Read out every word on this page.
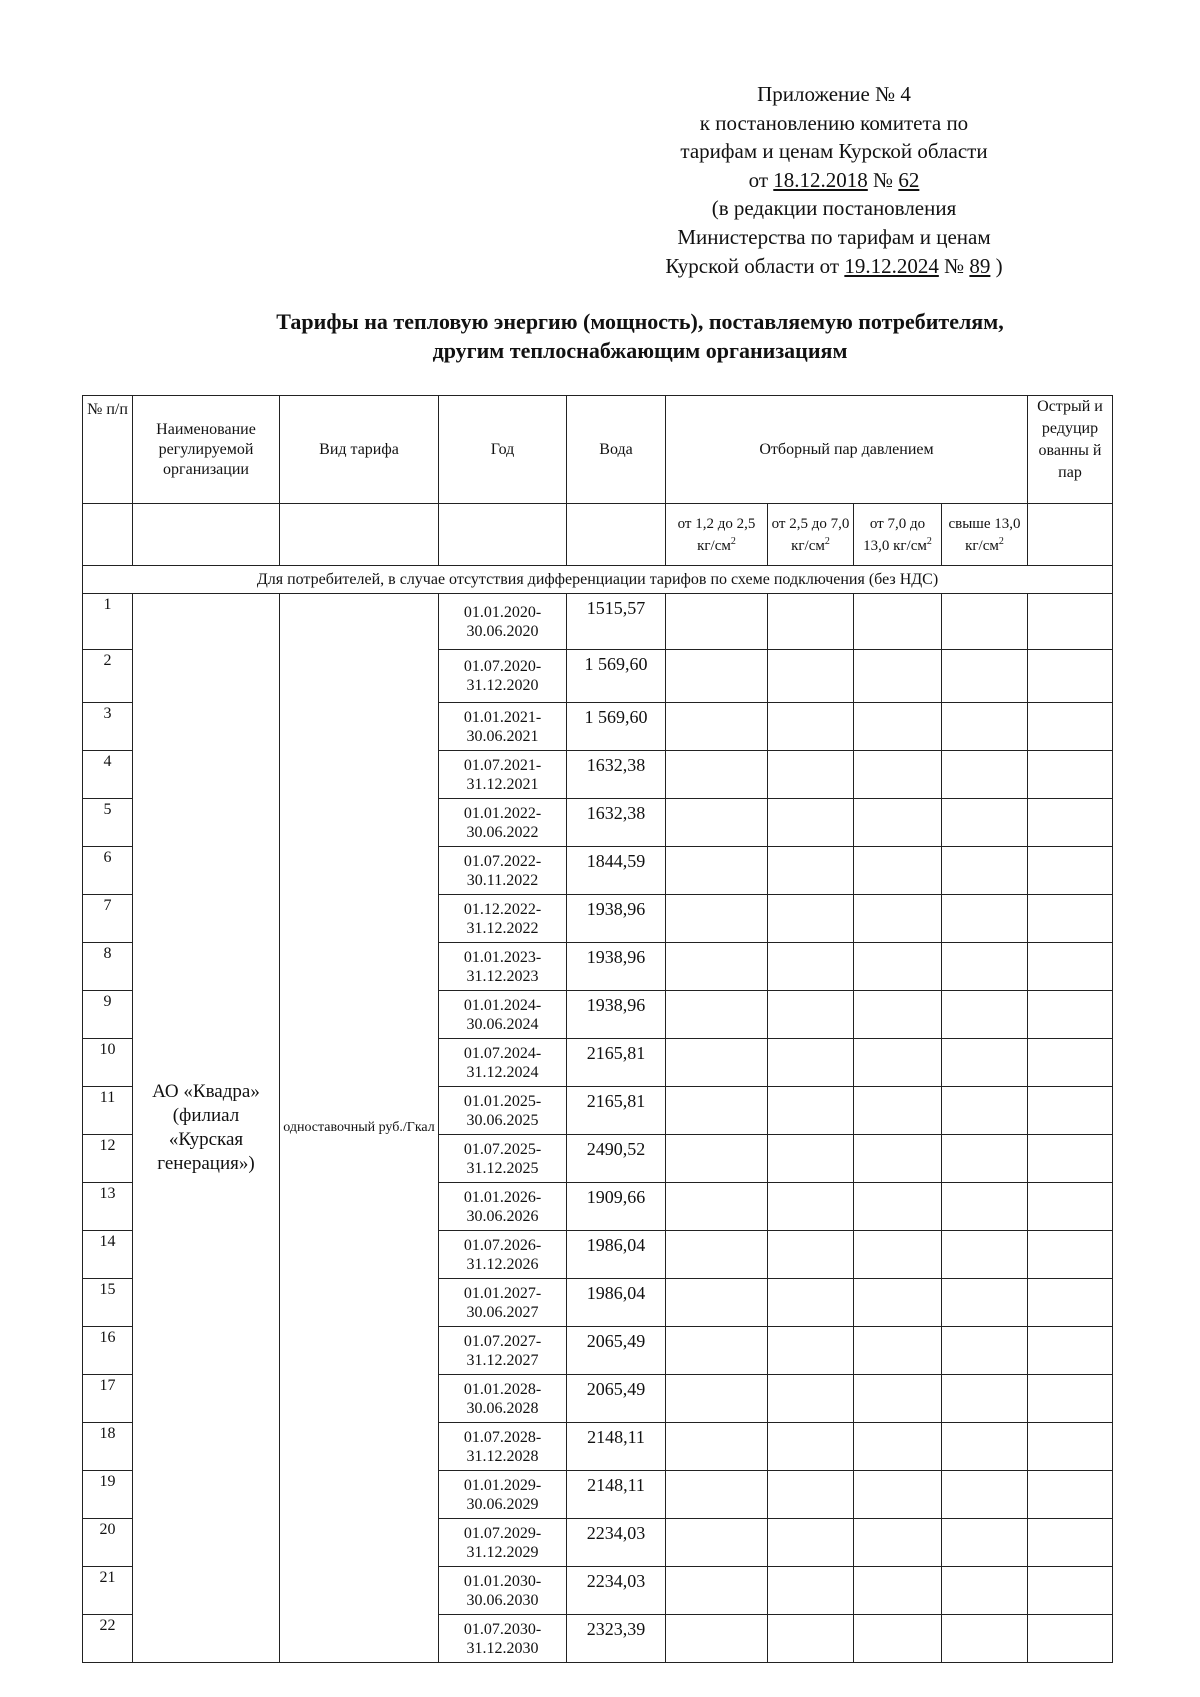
Приложение № 4
к постановлению комитета по
тарифам и ценам Курской области
от 18.12.2018 № 62
(в редакции постановления
Министерства по тарифам и ценам
Курской области от 19.12.2024 № 89 )
Тарифы на тепловую энергию (мощность), поставляемую потребителям,
другим теплоснабжающим организациям
№ п/п	Наименование регулируемой организации	Вид тарифа	Год	Вода	Отборный пар давлением				Острый и редуцир ованны й пар
					от 1,2 до 2,5 $кг/см^2$	от 2,5 до 7,0 $кг/см^2$	от 7,0 до 13,0 $кг/см^2$	свыше 13,0 $кг/см^2$	
Для потребителей, в случае отсутствия дифференциации тарифов по схеме подключения (без НДС)									
1	АО «Квадра» (филиал «Курская генерация»)	одноставочный руб./Гкал	01.01.2020-30.06.2020	1515,57					
2			01.07.2020-31.12.2020	1 569,60					
3			01.01.2021-30.06.2021	1 569,60					
4			01.07.2021-31.12.2021	1632,38					
5			01.01.2022-30.06.2022	1632,38					
6			01.07.2022-30.11.2022	1844,59					
7			01.12.2022-31.12.2022	1938,96					
8			01.01.2023-31.12.2023	1938,96					
9			01.01.2024-30.06.2024	1938,96					
10			01.07.2024-31.12.2024	2165,81					
11			01.01.2025-30.06.2025	2165,81					
12			01.07.2025-31.12.2025	2490,52					
13			01.01.2026-30.06.2026	1909,66					
14			01.07.2026-31.12.2026	1986,04					
15			01.01.2027-30.06.2027	1986,04					
16			01.07.2027-31.12.2027	2065,49					
17			01.01.2028-30.06.2028	2065,49					
18			01.07.2028-31.12.2028	2148,11					
19			01.01.2029-30.06.2029	2148,11					
20			01.07.2029-31.12.2029	2234,03					
21			01.01.2030-30.06.2030	2234,03					
22			01.07.2030-31.12.2030	2323,39					
